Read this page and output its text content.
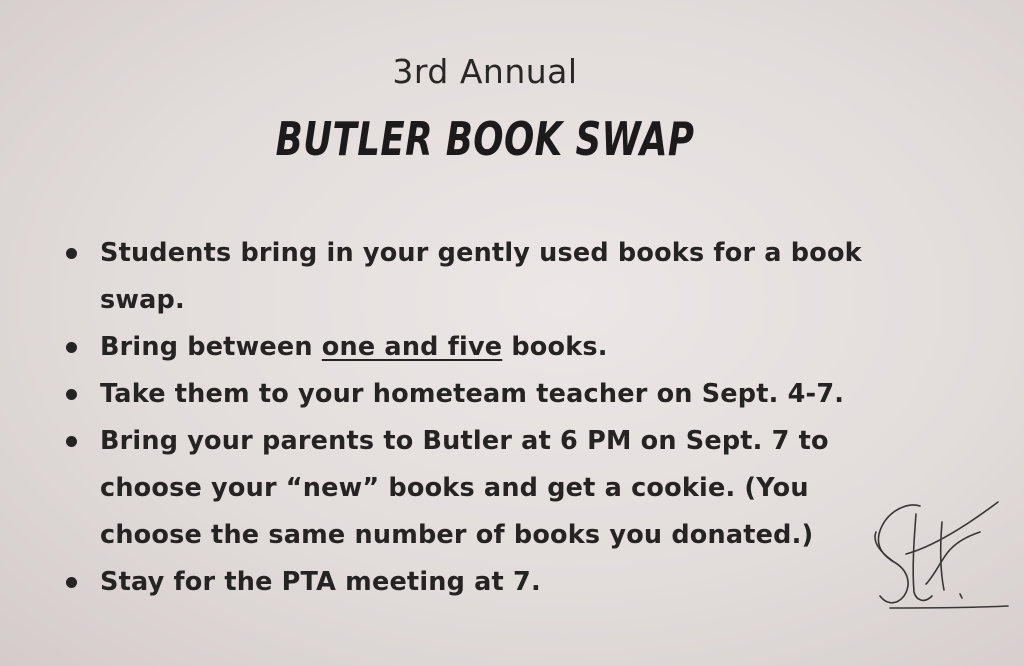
3rd Annual
BUTLER BOOK SWAP
Students bring in your gently used books for a book swap.
Bring between one and five books.
Take them to your hometeam teacher on Sept. 4-7.
Bring your parents to Butler at 6 PM on Sept. 7 to choose your “new” books and get a cookie. (You choose the same number of books you donated.)
Stay for the PTA meeting at 7.
